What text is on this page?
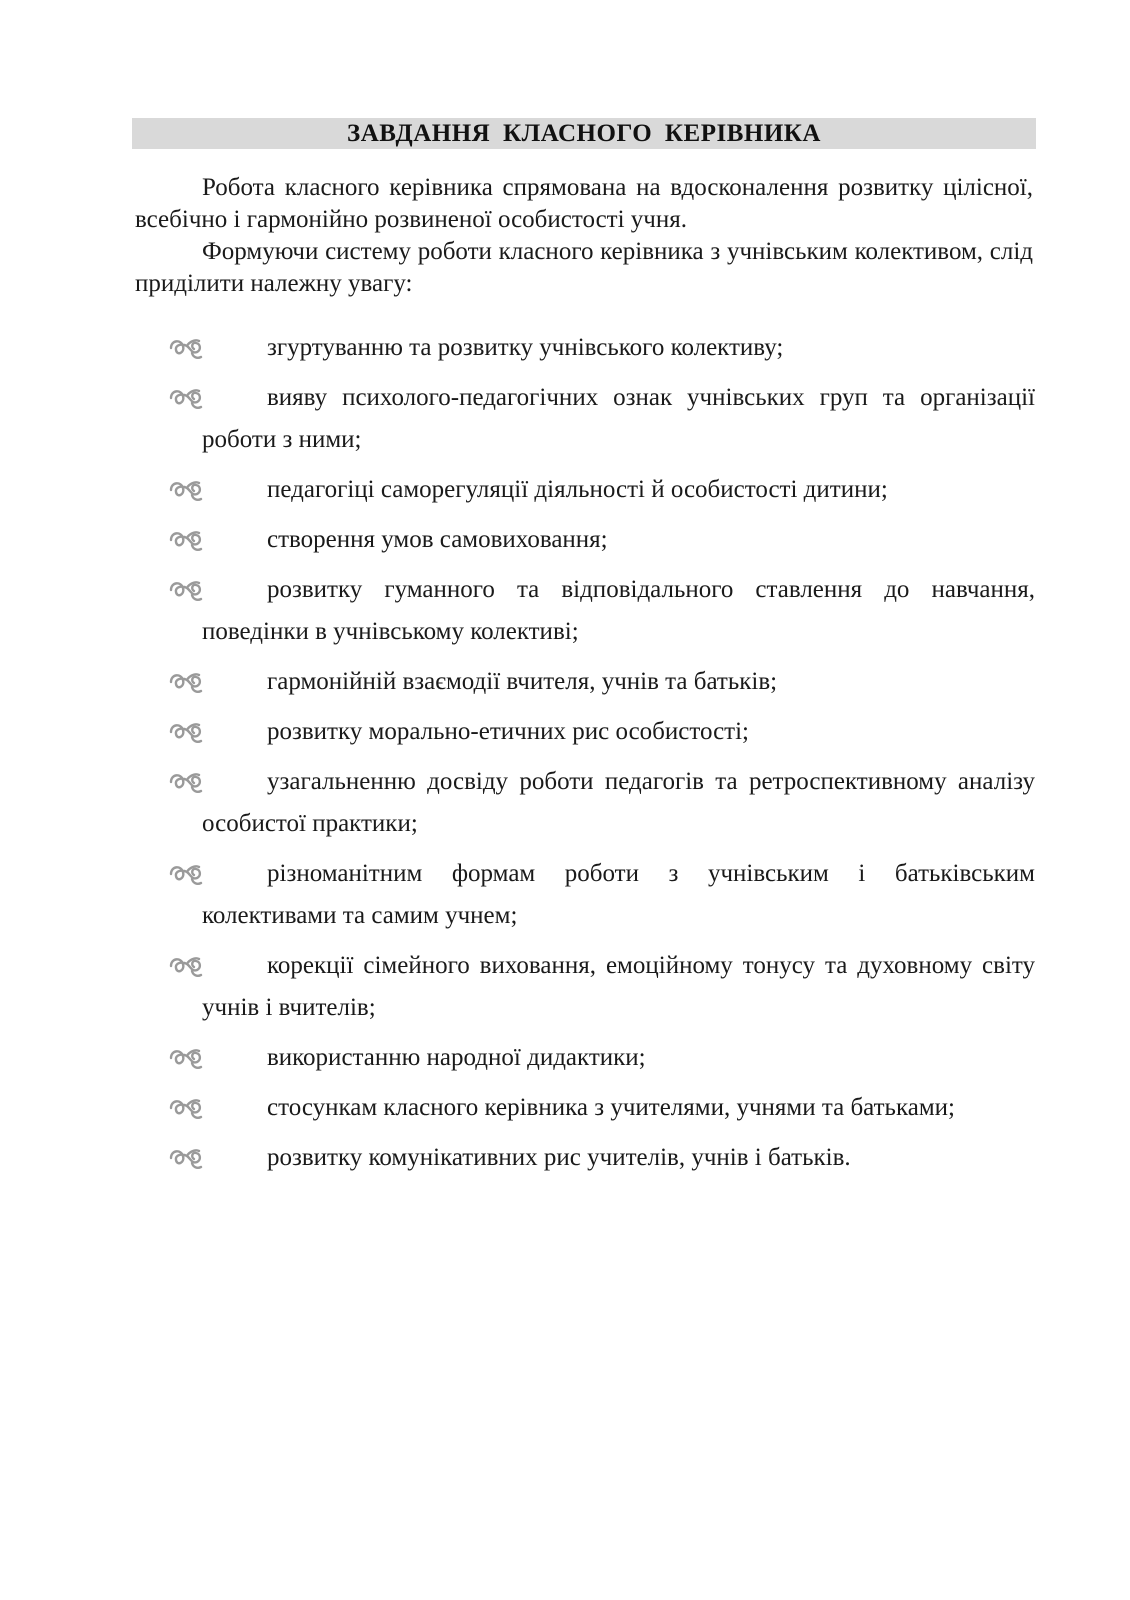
ЗАВДАННЯ КЛАСНОГО КЕРІВНИКА

Робота класного керівника спрямована на вдосконалення розвитку цілісної, всебічно і гармонійно розвиненої особистості учня.

Формуючи систему роботи класного керівника з учнівським колективом, слід приділити належну увагу:

згуртуванню та розвитку учнівського колективу;
вияву психолого-педагогічних ознак учнівських груп та організації роботи з ними;
педагогіці саморегуляції діяльності й особистості дитини;
створення умов самовиховання;
розвитку гуманного та відповідального ставлення до навчання, поведінки в учнівському колективі;
гармонійній взаємодії вчителя, учнів та батьків;
розвитку морально-етичних рис особистості;
узагальненню досвіду роботи педагогів та ретроспективному аналізу особистої практики;
різноманітним формам роботи з учнівським і батьківським колективами та самим учнем;
корекції сімейного виховання, емоційному тонусу та духовному світу учнів і вчителів;
використанню народної дидактики;
стосункам класного керівника з учителями, учнями та батьками;
розвитку комунікативних рис учителів, учнів і батьків.
